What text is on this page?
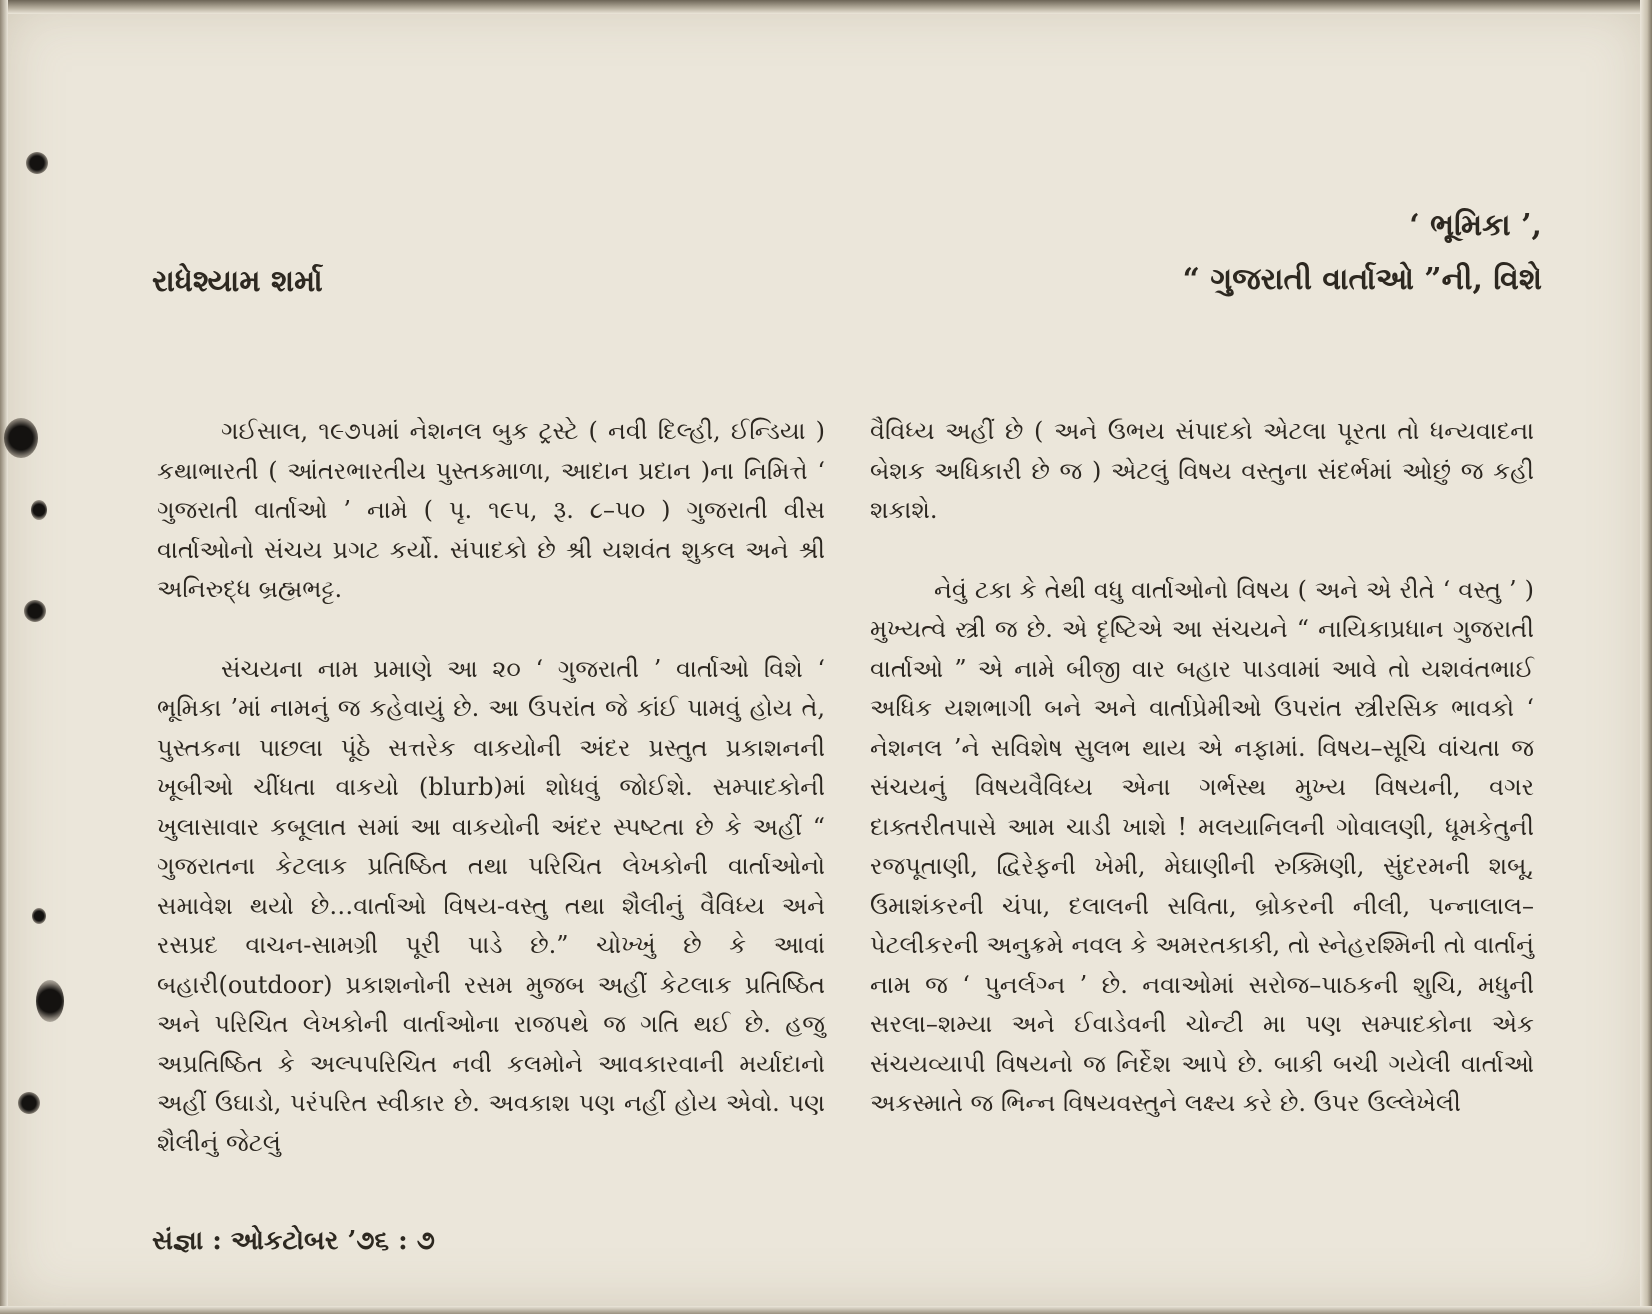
રાધેશ્યામ શર્મા
‘ ભૂમિકા ’,
“ ગુજરાતી વાર્તાઓ ”ની, વિશે

ગઈસાલ, ૧૯૭૫માં નેશનલ બુક ટ્રસ્ટે ( નવી દિલ્હી, ઈન્ડિયા ) કથાભારતી ( આંતરભારતીય પુસ્તકમાળા, આદાન પ્રદાન )ના નિમિત્તે ‘ ગુજરાતી વાર્તાઓ ’ નામે ( પૃ. ૧૯૫, રૂ. ૮–૫૦ ) ગુજરાતી વીસ વાર્તાઓનો સંચય પ્રગટ કર્યો. સંપાદકો છે શ્રી યશવંત શુકલ અને શ્રી અનિરુદ્ધ બ્રહ્મભટ્ટ.

સંચયના નામ પ્રમાણે આ ૨૦ ‘ ગુજરાતી ’ વાર્તાઓ વિશે ‘ ભૂમિકા ’માં નામનું જ કહેવાયું છે. આ ઉપરાંત જે કાંઈ પામવું હોય તે, પુસ્તકના પાછલા પૂંઠે સત્તરેક વાકયોની અંદર પ્રસ્તુત પ્રકાશનની ખૂબીઓ ચીંધતા વાકયો (blurb)માં શોધવું જોઈશે. સમ્પાદકોની ખુલાસાવાર કબૂલાત સમાં આ વાકયોની અંદર સ્પષ્ટતા છે કે અહીં “ ગુજરાતના કેટલાક પ્રતિષ્ઠિત તથા પરિચિત લેખકોની વાર્તાઓનો સમાવેશ થયો છે…વાર્તાઓ વિષય-વસ્તુ તથા શૈલીનું વૈવિધ્ય અને રસપ્રદ વાચન-સામગ્રી પૂરી પાડે છે.” ચોખ્ખું છે કે આવાં બહારી(outdoor) પ્રકાશનોની રસમ મુજબ અહીં કેટલાક પ્રતિષ્ઠિત અને પરિચિત લેખકોની વાર્તાઓના રાજપથે જ ગતિ થઈ છે. હજુ અપ્રતિષ્ઠિત કે અલ્પપરિચિત નવી કલમોને આવકારવાની મર્યાદાનો અહીં ઉઘાડો, પરંપરિત સ્વીકાર છે. અવકાશ પણ નહીં હોય એવો. પણ શૈલીનું જેટલું

વૈવિધ્ય અહીં છે ( અને ઉભય સંપાદકો એટલા પૂરતા તો ધન્યવાદના બેશક અધિકારી છે જ ) એટલું વિષય વસ્તુના સંદર્ભમાં ઓછું જ કહી શકાશે.

નેવું ટકા કે તેથી વધુ વાર્તાઓનો વિષય ( અને એ રીતે ‘ વસ્તુ ’ ) મુખ્યત્વે સ્ત્રી જ છે. એ દૃષ્ટિએ આ સંચયને “ નાયિકાપ્રધાન ગુજરાતી વાર્તાઓ ” એ નામે બીજી વાર બહાર પાડવામાં આવે તો યશવંતભાઈ અધિક યશભાગી બને અને વાર્તાપ્રેમીઓ ઉપરાંત સ્ત્રીરસિક ભાવકો ‘ નેશનલ ’ને સવિશેષ સુલભ થાય એ નફામાં. વિષય–સૂચિ વાંચતા જ સંચયનું વિષયવૈવિધ્ય એના ગર્ભસ્થ મુખ્ય વિષયની, વગર દાક્તરીતપાસે આમ ચાડી ખાશે ! મલયાનિલની ગોવાલણી, ધૂમકેતુની રજપૂતાણી, દ્વિરેફની ખેમી, મેઘાણીની રુક્મિણી, સુંદરમની શબૂ, ઉમાશંકરની ચંપા, દલાલની સવિતા, બ્રોકરની નીલી, પન્નાલાલ–પેટલીકરની અનુક્રમે નવલ કે અમરતકાકી, તો સ્નેહરશ્મિની તો વાર્તાનું નામ જ ‘ પુનર્લગ્ન ’ છે. નવાઓમાં સરોજ–પાઠકની શુચિ, મધુની સરલા–શમ્યા અને ઈવાડેવની ચોન્ટી મા પણ સમ્પાદકોના એક સંચયવ્યાપી વિષયનો જ નિર્દેશ આપે છે. બાકી બચી ગયેલી વાર્તાઓ અકસ્માતે જ ભિન્ન વિષયવસ્તુને લક્ષ્ય કરે છે. ઉપર ઉલ્લેખેલી

સંજ્ઞા : ઓકટોબર ’૭૬ : ૭
